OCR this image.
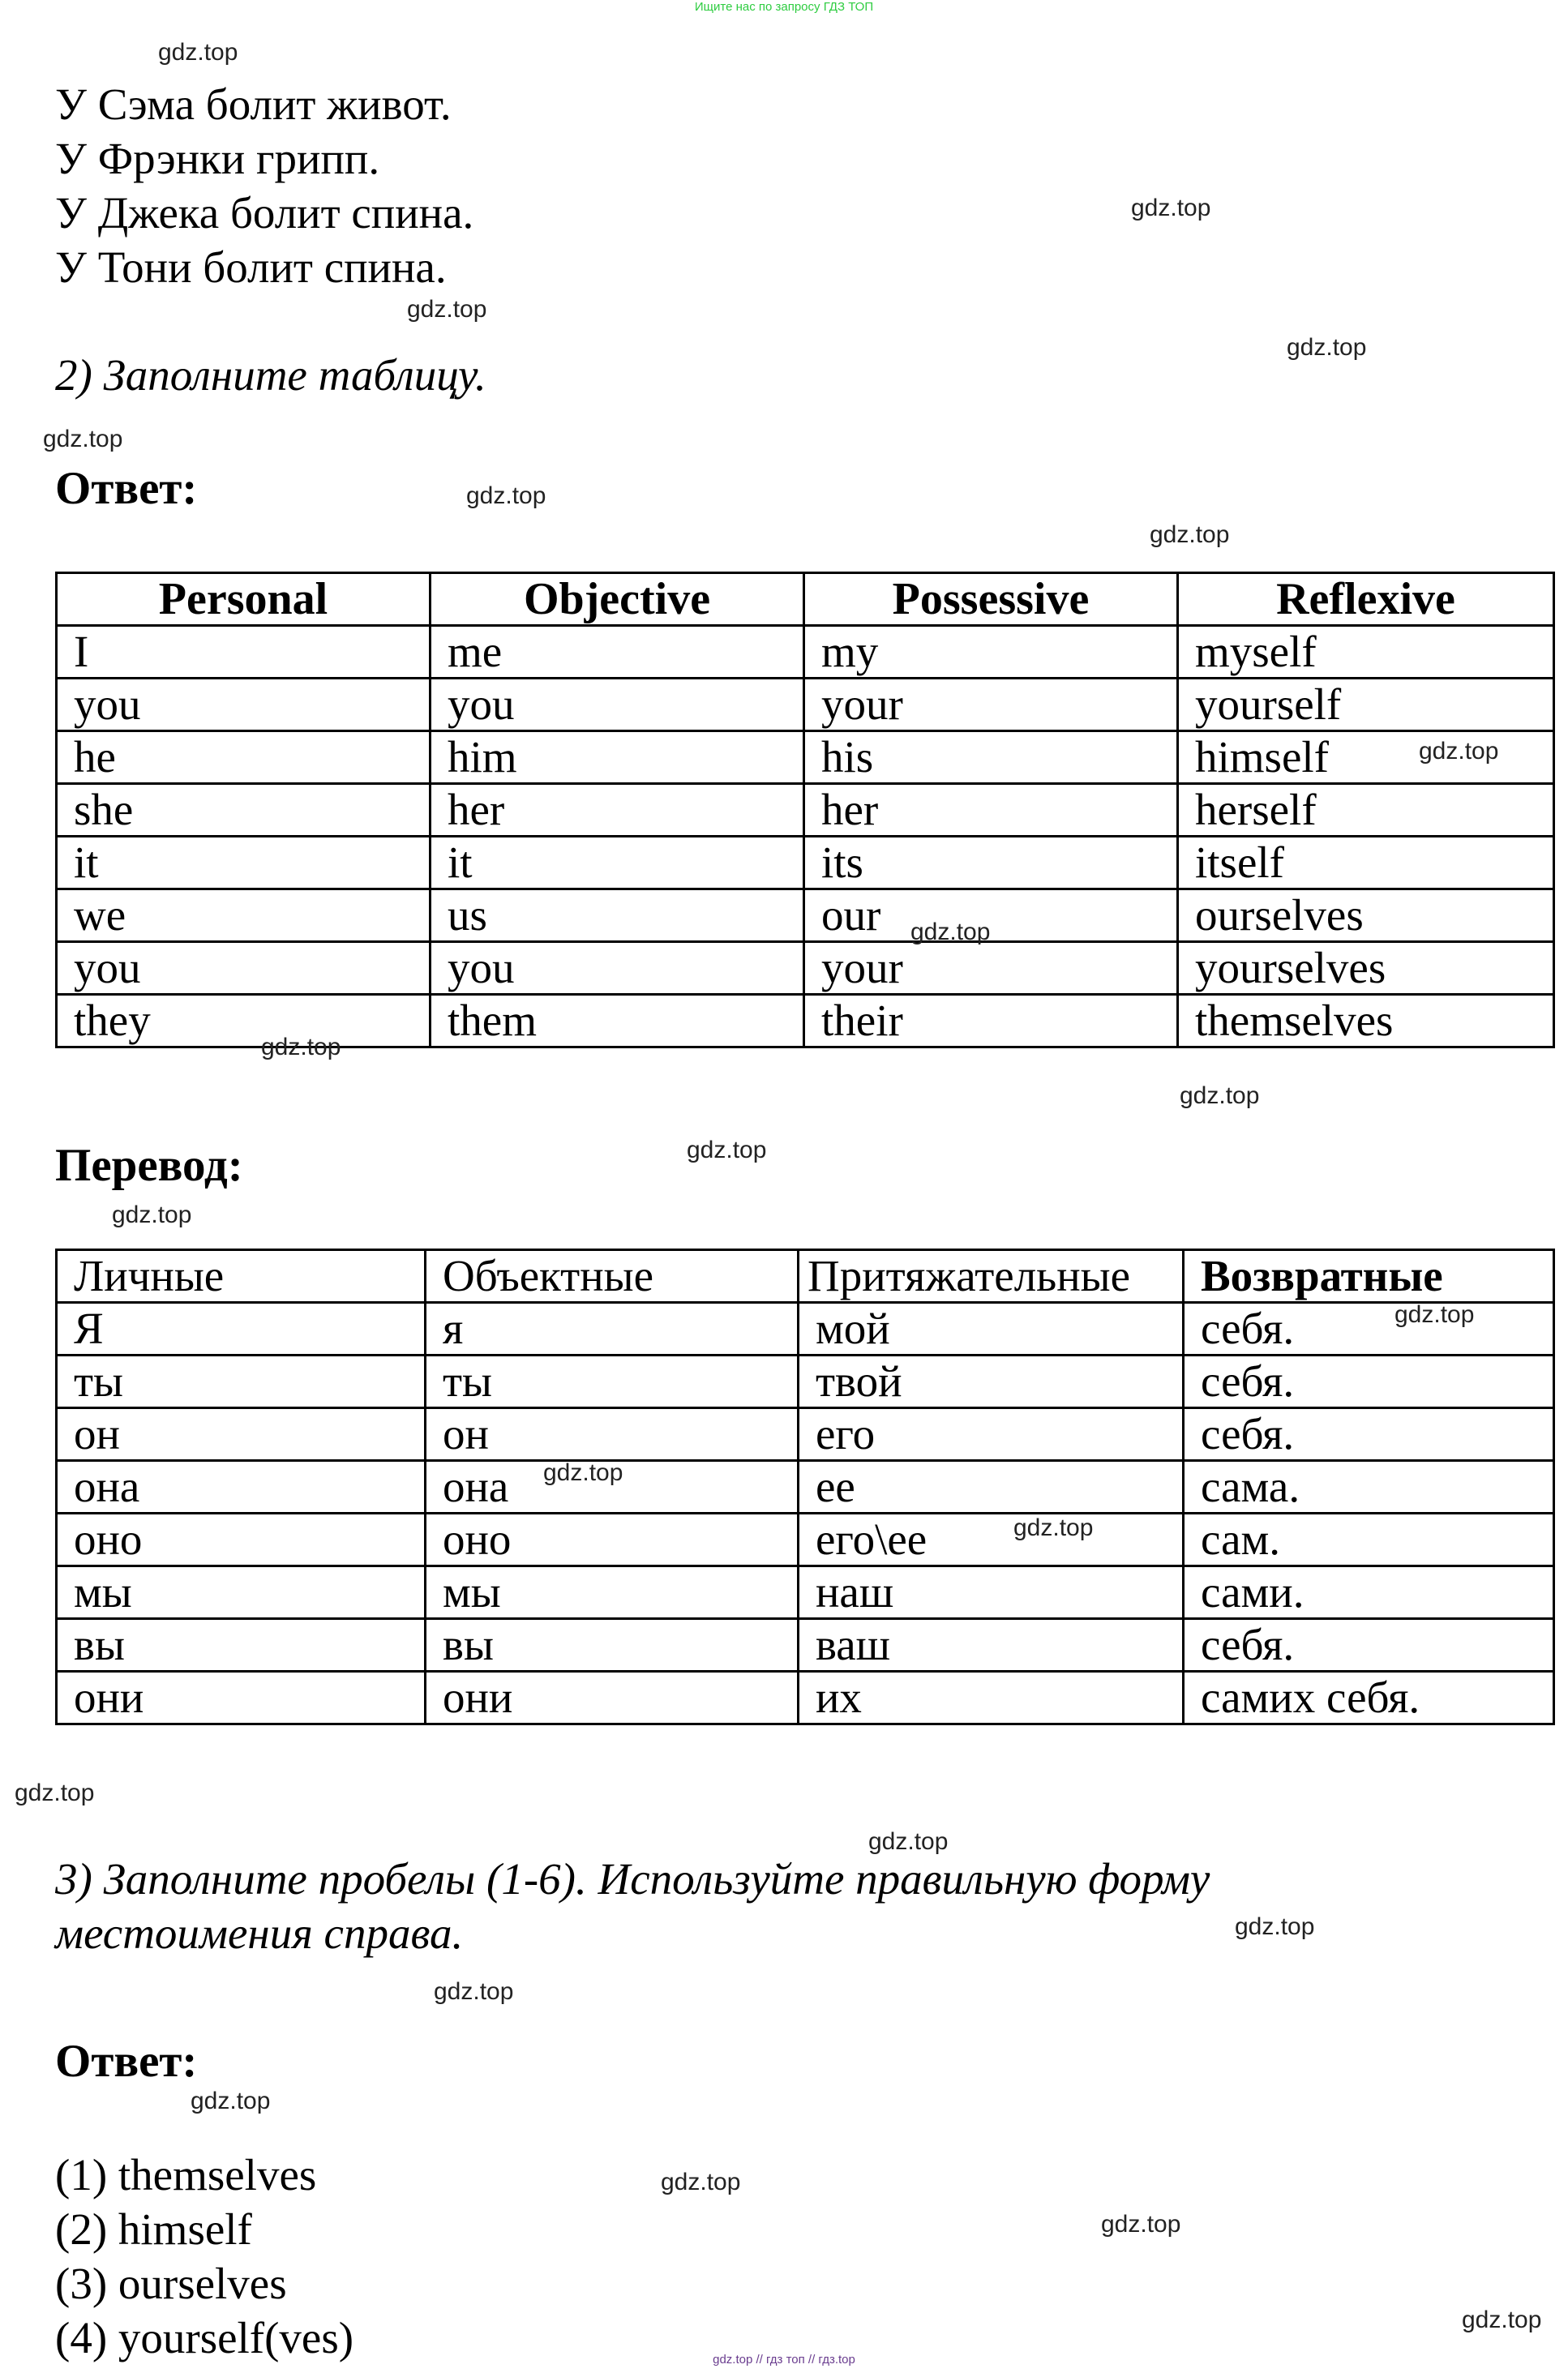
Ищите нас по запросу ГДЗ ТОП
У Сэма болит живот.
У Фрэнки грипп.
У Джека болит спина.
У Тони болит спина.
2) Заполните таблицу.
Ответ:
Personal	Objective	Possessive	Reflexive
I	me	my	myself
you	you	your	yourself
he	him	his	himself
she	her	her	herself
it	it	its	itself
we	us	our	ourselves
you	you	your	yourselves
they	them	their	themselves
Перевод:
Личные	Объектные	Притяжательные	Возвратные
Я	я	мой	себя.
ты	ты	твой	себя.
он	он	его	себя.
она	она	ее	сама.
оно	оно	его\ее	сам.
мы	мы	наш	сами.
вы	вы	ваш	себя.
они	они	их	самих себя.
3) Заполните пробелы (1-6). Используйте правильную форму
местоимения справа.
Ответ:
(1) themselves
(2) himself
(3) ourselves
(4) yourself(ves)
gdz.top
gdz.top
gdz.top
gdz.top
gdz.top
gdz.top
gdz.top
gdz.top
gdz.top
gdz.top
gdz.top
gdz.top
gdz.top
gdz.top
gdz.top
gdz.top
gdz.top
gdz.top
gdz.top
gdz.top
gdz.top
gdz.top
gdz.top
gdz.top
gdz.top // гдз топ // гдз.top
